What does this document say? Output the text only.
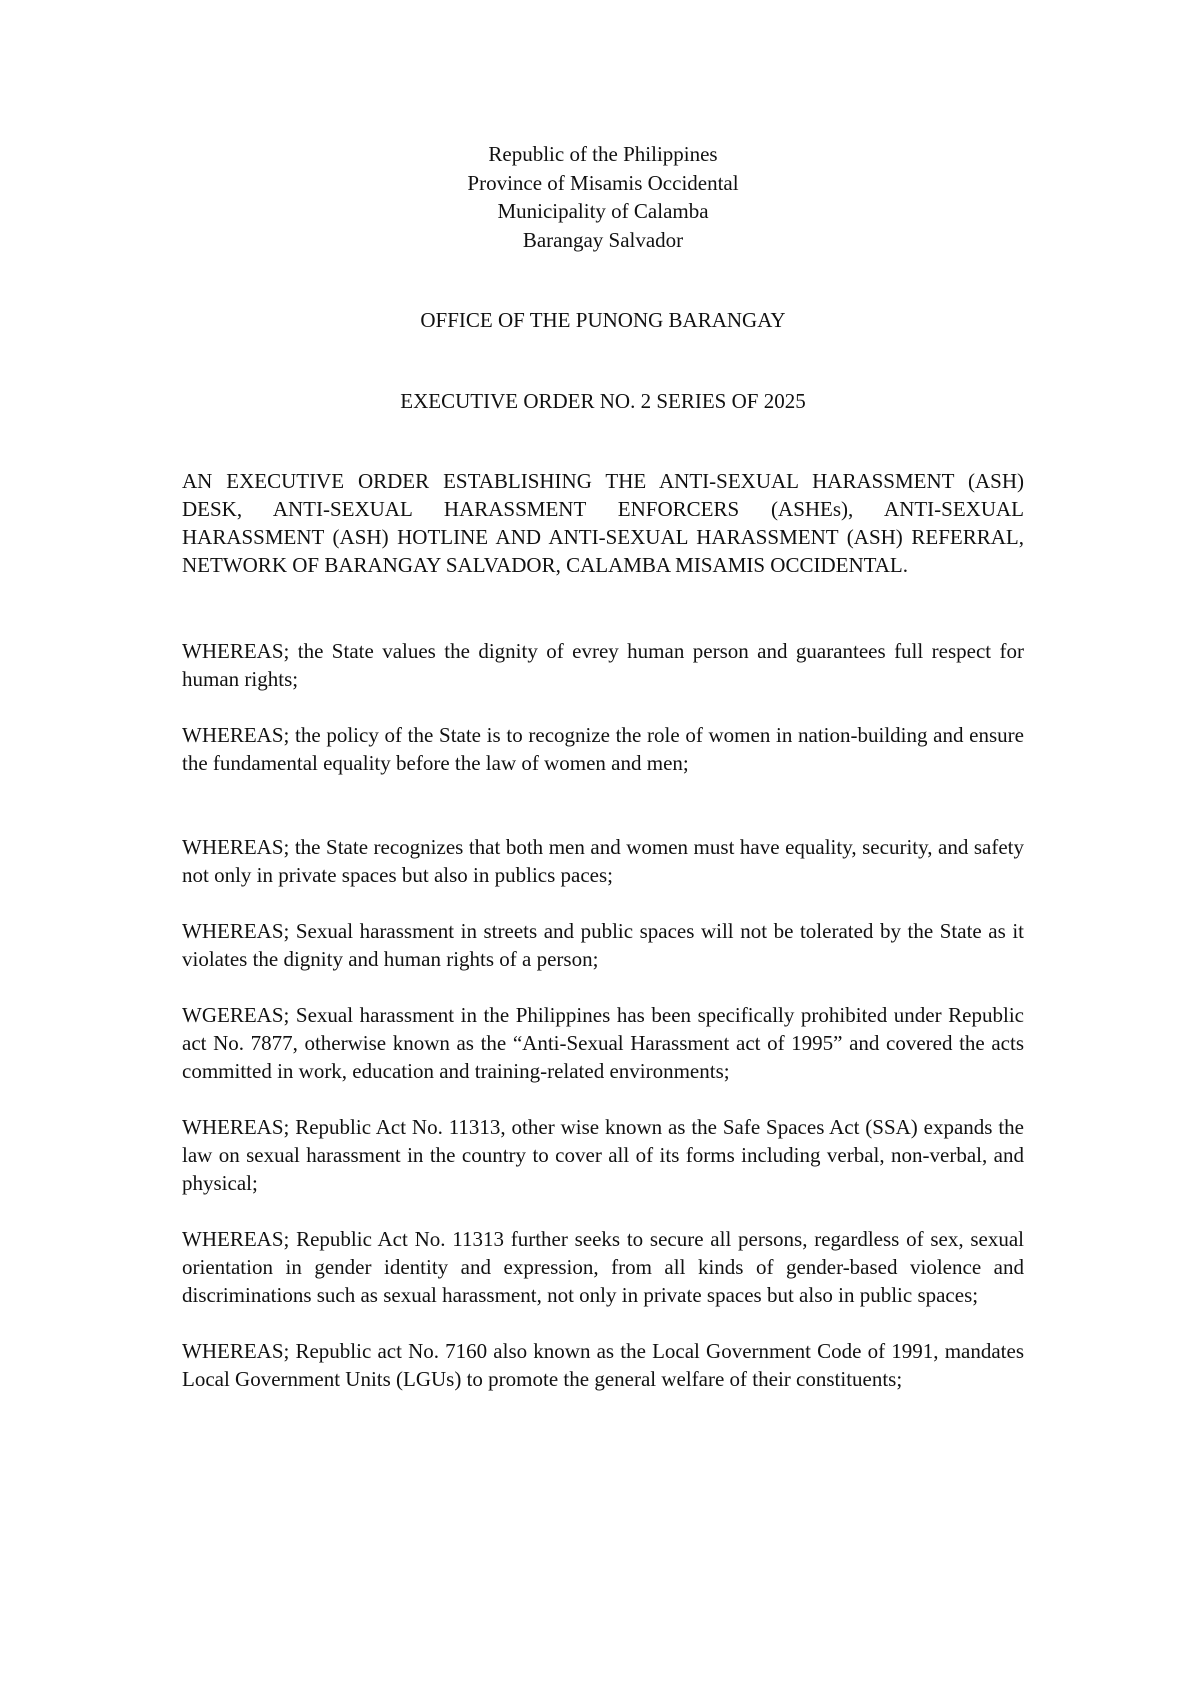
Republic of the Philippines

Province of Misamis Occidental

Municipality of Calamba

Barangay Salvador

OFFICE OF THE PUNONG BARANGAY

EXECUTIVE ORDER NO. 2 SERIES OF 2025

AN EXECUTIVE ORDER ESTABLISHING THE ANTI-SEXUAL HARASSMENT (ASH) DESK, ANTI-SEXUAL HARASSMENT ENFORCERS (ASHEs), ANTI-SEXUAL HARASSMENT (ASH) HOTLINE AND ANTI-SEXUAL HARASSMENT (ASH) REFERRAL, NETWORK OF BARANGAY SALVADOR, CALAMBA MISAMIS OCCIDENTAL.

WHEREAS; the State values the dignity of evrey human person and guarantees full respect for human rights;

WHEREAS; the policy of the State is to recognize the role of women in nation-building and ensure the fundamental equality before the law of women and men;

WHEREAS; the State recognizes that both men and women must have equality, security, and safety not only in private spaces but also in publics paces;

WHEREAS; Sexual harassment in streets and public spaces will not be tolerated by the State as it violates the dignity and human rights of a person;

WGEREAS; Sexual harassment in the Philippines has been specifically prohibited under Republic act No. 7877, otherwise known as the “Anti-Sexual Harassment act of 1995” and covered the acts committed in work, education and training-related environments;

WHEREAS; Republic Act No. 11313, other wise known as the Safe Spaces Act (SSA) expands the law on sexual harassment in the country to cover all of its forms including verbal, non-verbal, and physical;

WHEREAS; Republic Act No. 11313 further seeks to secure all persons, regardless of sex, sexual orientation in gender identity and expression, from all kinds of gender-based violence and discriminations such as sexual harassment, not only in private spaces but also in public spaces;

WHEREAS; Republic act No. 7160 also known as the Local Government Code of 1991, mandates Local Government Units (LGUs) to promote the general welfare of their constituents;
